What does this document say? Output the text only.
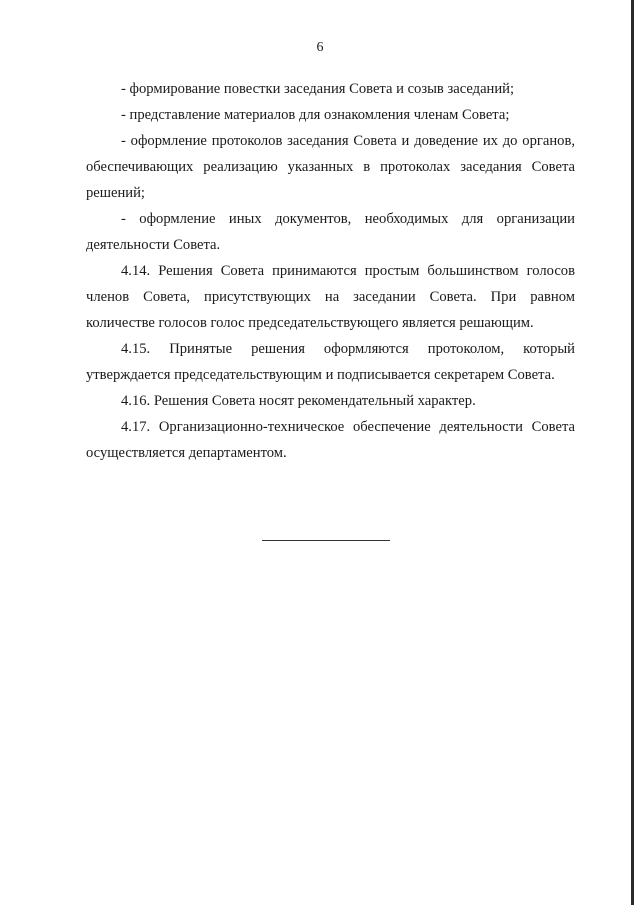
6

- формирование повестки заседания Совета и созыв заседаний;

- представление материалов для ознакомления членам Совета;

- оформление протоколов заседания Совета и доведение их до органов, обеспечивающих реализацию указанных в протоколах заседания Совета решений;

- оформление иных документов, необходимых для организации деятельности Совета.

4.14. Решения Совета принимаются простым большинством голосов членов Совета, присутствующих на заседании Совета. При равном количестве голосов голос председательствующего является решающим.

4.15. Принятые решения оформляются протоколом, который утверждается председательствующим и подписывается секретарем Совета.

4.16. Решения Совета носят рекомендательный характер.

4.17. Организационно-техническое обеспечение деятельности Совета осуществляется департаментом.
